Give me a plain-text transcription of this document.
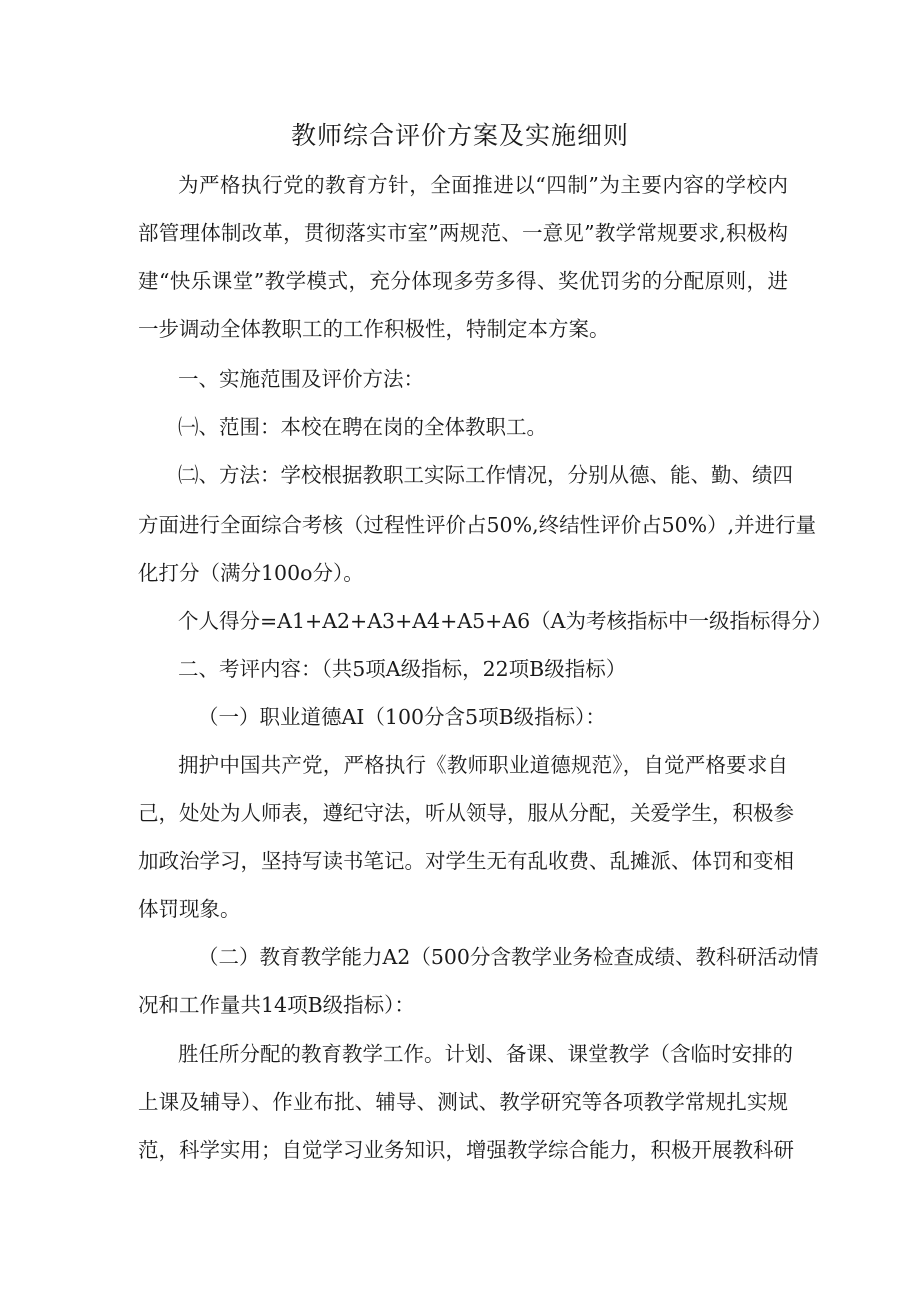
教师综合评价方案及实施细则
为严格执行党的教育方针，全面推进以“四制”为主要内容的学校内
部管理体制改革，贯彻落实市室”两规范、一意见”教学常规要求,积极构
建“快乐课堂”教学模式，充分体现多劳多得、奖优罚劣的分配原则，进
一步调动全体教职工的工作积极性，特制定本方案。
一、实施范围及评价方法：
㈠、范围：本校在聘在岗的全体教职工。
㈡、方法：学校根据教职工实际工作情况，分别从德、能、勤、绩四
方面进行全面综合考核（过程性评价占50%,终结性评价占50%）,并进行量
化打分（满分100o分）。
个人得分=A1+A2+A3+A4+A5+A6（A为考核指标中一级指标得分）
二、考评内容：（共5项A级指标，22项B级指标）
（一）职业道德AI（100分含5项B级指标）：
拥护中国共产党，严格执行《教师职业道德规范》，自觉严格要求自
己，处处为人师表，遵纪守法，听从领导，服从分配，关爱学生，积极参
加政治学习，坚持写读书笔记。对学生无有乱收费、乱摊派、体罚和变相
体罚现象。
（二）教育教学能力A2（500分含教学业务检查成绩、教科研活动情
况和工作量共14项B级指标）：
胜任所分配的教育教学工作。计划、备课、课堂教学（含临时安排的
上课及辅导）、作业布批、辅导、测试、教学研究等各项教学常规扎实规
范，科学实用；自觉学习业务知识，增强教学综合能力，积极开展教科研
